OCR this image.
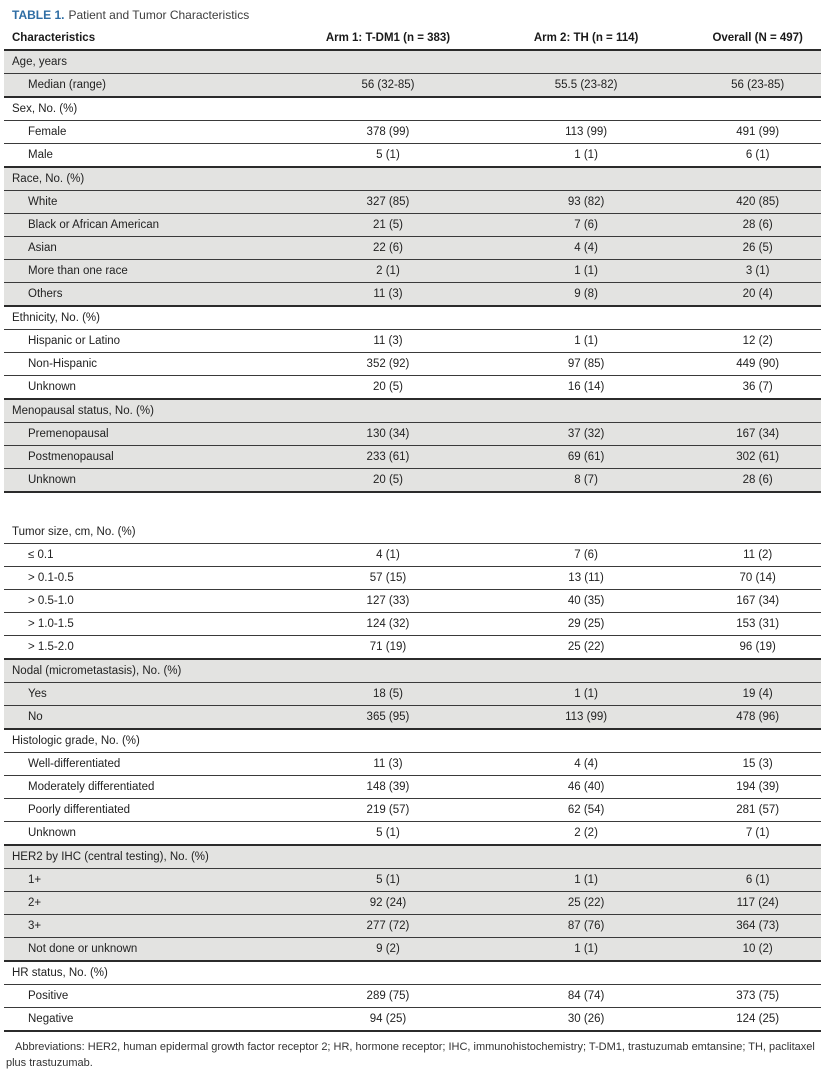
TABLE 1. Patient and Tumor Characteristics
Characteristics	Arm 1: T-DM1 (n = 383)	Arm 2: TH (n = 114)	Overall (N = 497)
Age, years			
Median (range)	56 (32-85)	55.5 (23-82)	56 (23-85)
Sex, No. (%)			
Female	378 (99)	113 (99)	491 (99)
Male	5 (1)	1 (1)	6 (1)
Race, No. (%)			
White	327 (85)	93 (82)	420 (85)
Black or African American	21 (5)	7 (6)	28 (6)
Asian	22 (6)	4 (4)	26 (5)
More than one race	2 (1)	1 (1)	3 (1)
Others	11 (3)	9 (8)	20 (4)
Ethnicity, No. (%)			
Hispanic or Latino	11 (3)	1 (1)	12 (2)
Non-Hispanic	352 (92)	97 (85)	449 (90)
Unknown	20 (5)	16 (14)	36 (7)
Menopausal status, No. (%)			
Premenopausal	130 (34)	37 (32)	167 (34)
Postmenopausal	233 (61)	69 (61)	302 (61)
Unknown	20 (5)	8 (7)	28 (6)

Tumor size, cm, No. (%)			
≤ 0.1	4 (1)	7 (6)	11 (2)
> 0.1-0.5	57 (15)	13 (11)	70 (14)
> 0.5-1.0	127 (33)	40 (35)	167 (34)
> 1.0-1.5	124 (32)	29 (25)	153 (31)
> 1.5-2.0	71 (19)	25 (22)	96 (19)
Nodal (micrometastasis), No. (%)			
Yes	18 (5)	1 (1)	19 (4)
No	365 (95)	113 (99)	478 (96)
Histologic grade, No. (%)			
Well-differentiated	11 (3)	4 (4)	15 (3)
Moderately differentiated	148 (39)	46 (40)	194 (39)
Poorly differentiated	219 (57)	62 (54)	281 (57)
Unknown	5 (1)	2 (2)	7 (1)
HER2 by IHC (central testing), No. (%)			
1+	5 (1)	1 (1)	6 (1)
2+	92 (24)	25 (22)	117 (24)
3+	277 (72)	87 (76)	364 (73)
Not done or unknown	9 (2)	1 (1)	10 (2)
HR status, No. (%)			
Positive	289 (75)	84 (74)	373 (75)
Negative	94 (25)	30 (26)	124 (25)

Abbreviations: HER2, human epidermal growth factor receptor 2; HR, hormone receptor; IHC, immunohistochemistry; T-DM1, trastuzumab emtansine; TH, paclitaxel plus trastuzumab.
